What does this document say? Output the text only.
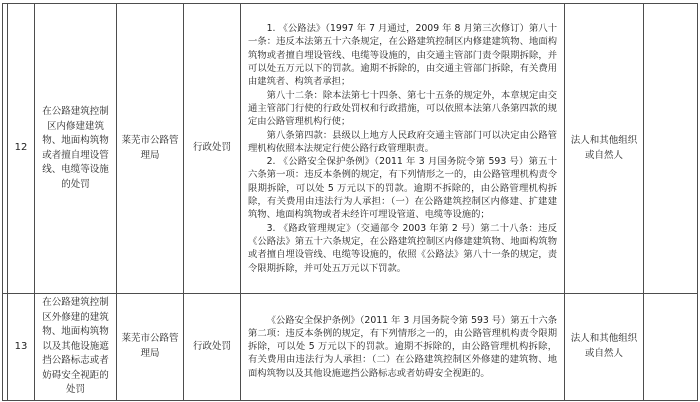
	12	在公路建筑控制区内修建建筑物、地面构筑物或者擅自埋设管线、电缆等设施的处罚	莱芜市公路管理局	行政处罚	1. 《公路法》（1997 年 7 月通过，2009 年 8 月第三次修订）第八十一条：违反本法第五十六条规定，在公路建筑控制区内修建建筑物、地面构筑物或者擅自埋设管线、电缆等设施的，由交通主管部门责令限期拆除，并可以处五万元以下的罚款。逾期不拆除的，由交通主管部门拆除，有关费用由建筑者、构筑者承担；

第八十二条：除本法第七十四条、第七十五条的规定外，本章规定由交通主管部门行使的行政处罚权和行政措施，可以依照本法第八条第四款的规定由公路管理机构行使；

第八条第四款：县级以上地方人民政府交通主管部门可以决定由公路管理机构依照本法规定行使公路行政管理职责。

2. 《公路安全保护条例》（2011 年 3 月国务院令第 593 号）第五十六条第一项：违反本条例的规定，有下列情形之一的，由公路管理机构责令限期拆除，可以处 5 万元以下的罚款。逾期不拆除的，由公路管理机构拆除，有关费用由违法行为人承担：（一）在公路建筑控制区内修建、扩建建筑物、地面构筑物或者未经许可埋设管道、电缆等设施的；

3. 《路政管理规定》（交通部令 2003 年第 2 号）第二十八条：违反《公路法》第五十六条规定，在公路建筑控制区内修建建筑物、地面构筑物或者擅自埋设管线、电缆等设施的，依照《公路法》第八十一条的规定，责令限期拆除，并可处五万元以下罚款。	法人和其他组织或自然人	
	13	在公路建筑控制区外修建的建筑物、地面构筑物以及其他设施遮挡公路标志或者妨碍安全视距的处罚	莱芜市公路管理局	行政处罚	《公路安全保护条例》（2011 年 3 月国务院令第 593 号）第五十六条第二项：违反本条例的规定，有下列情形之一的，由公路管理机构责令限期拆除，可以处 5 万元以下的罚款。逾期不拆除的，由公路管理机构拆除，有关费用由违法行为人承担：（二）在公路建筑控制区外修建的建筑物、地面构筑物以及其他设施遮挡公路标志或者妨碍安全视距的。	法人和其他组织或自然人	
